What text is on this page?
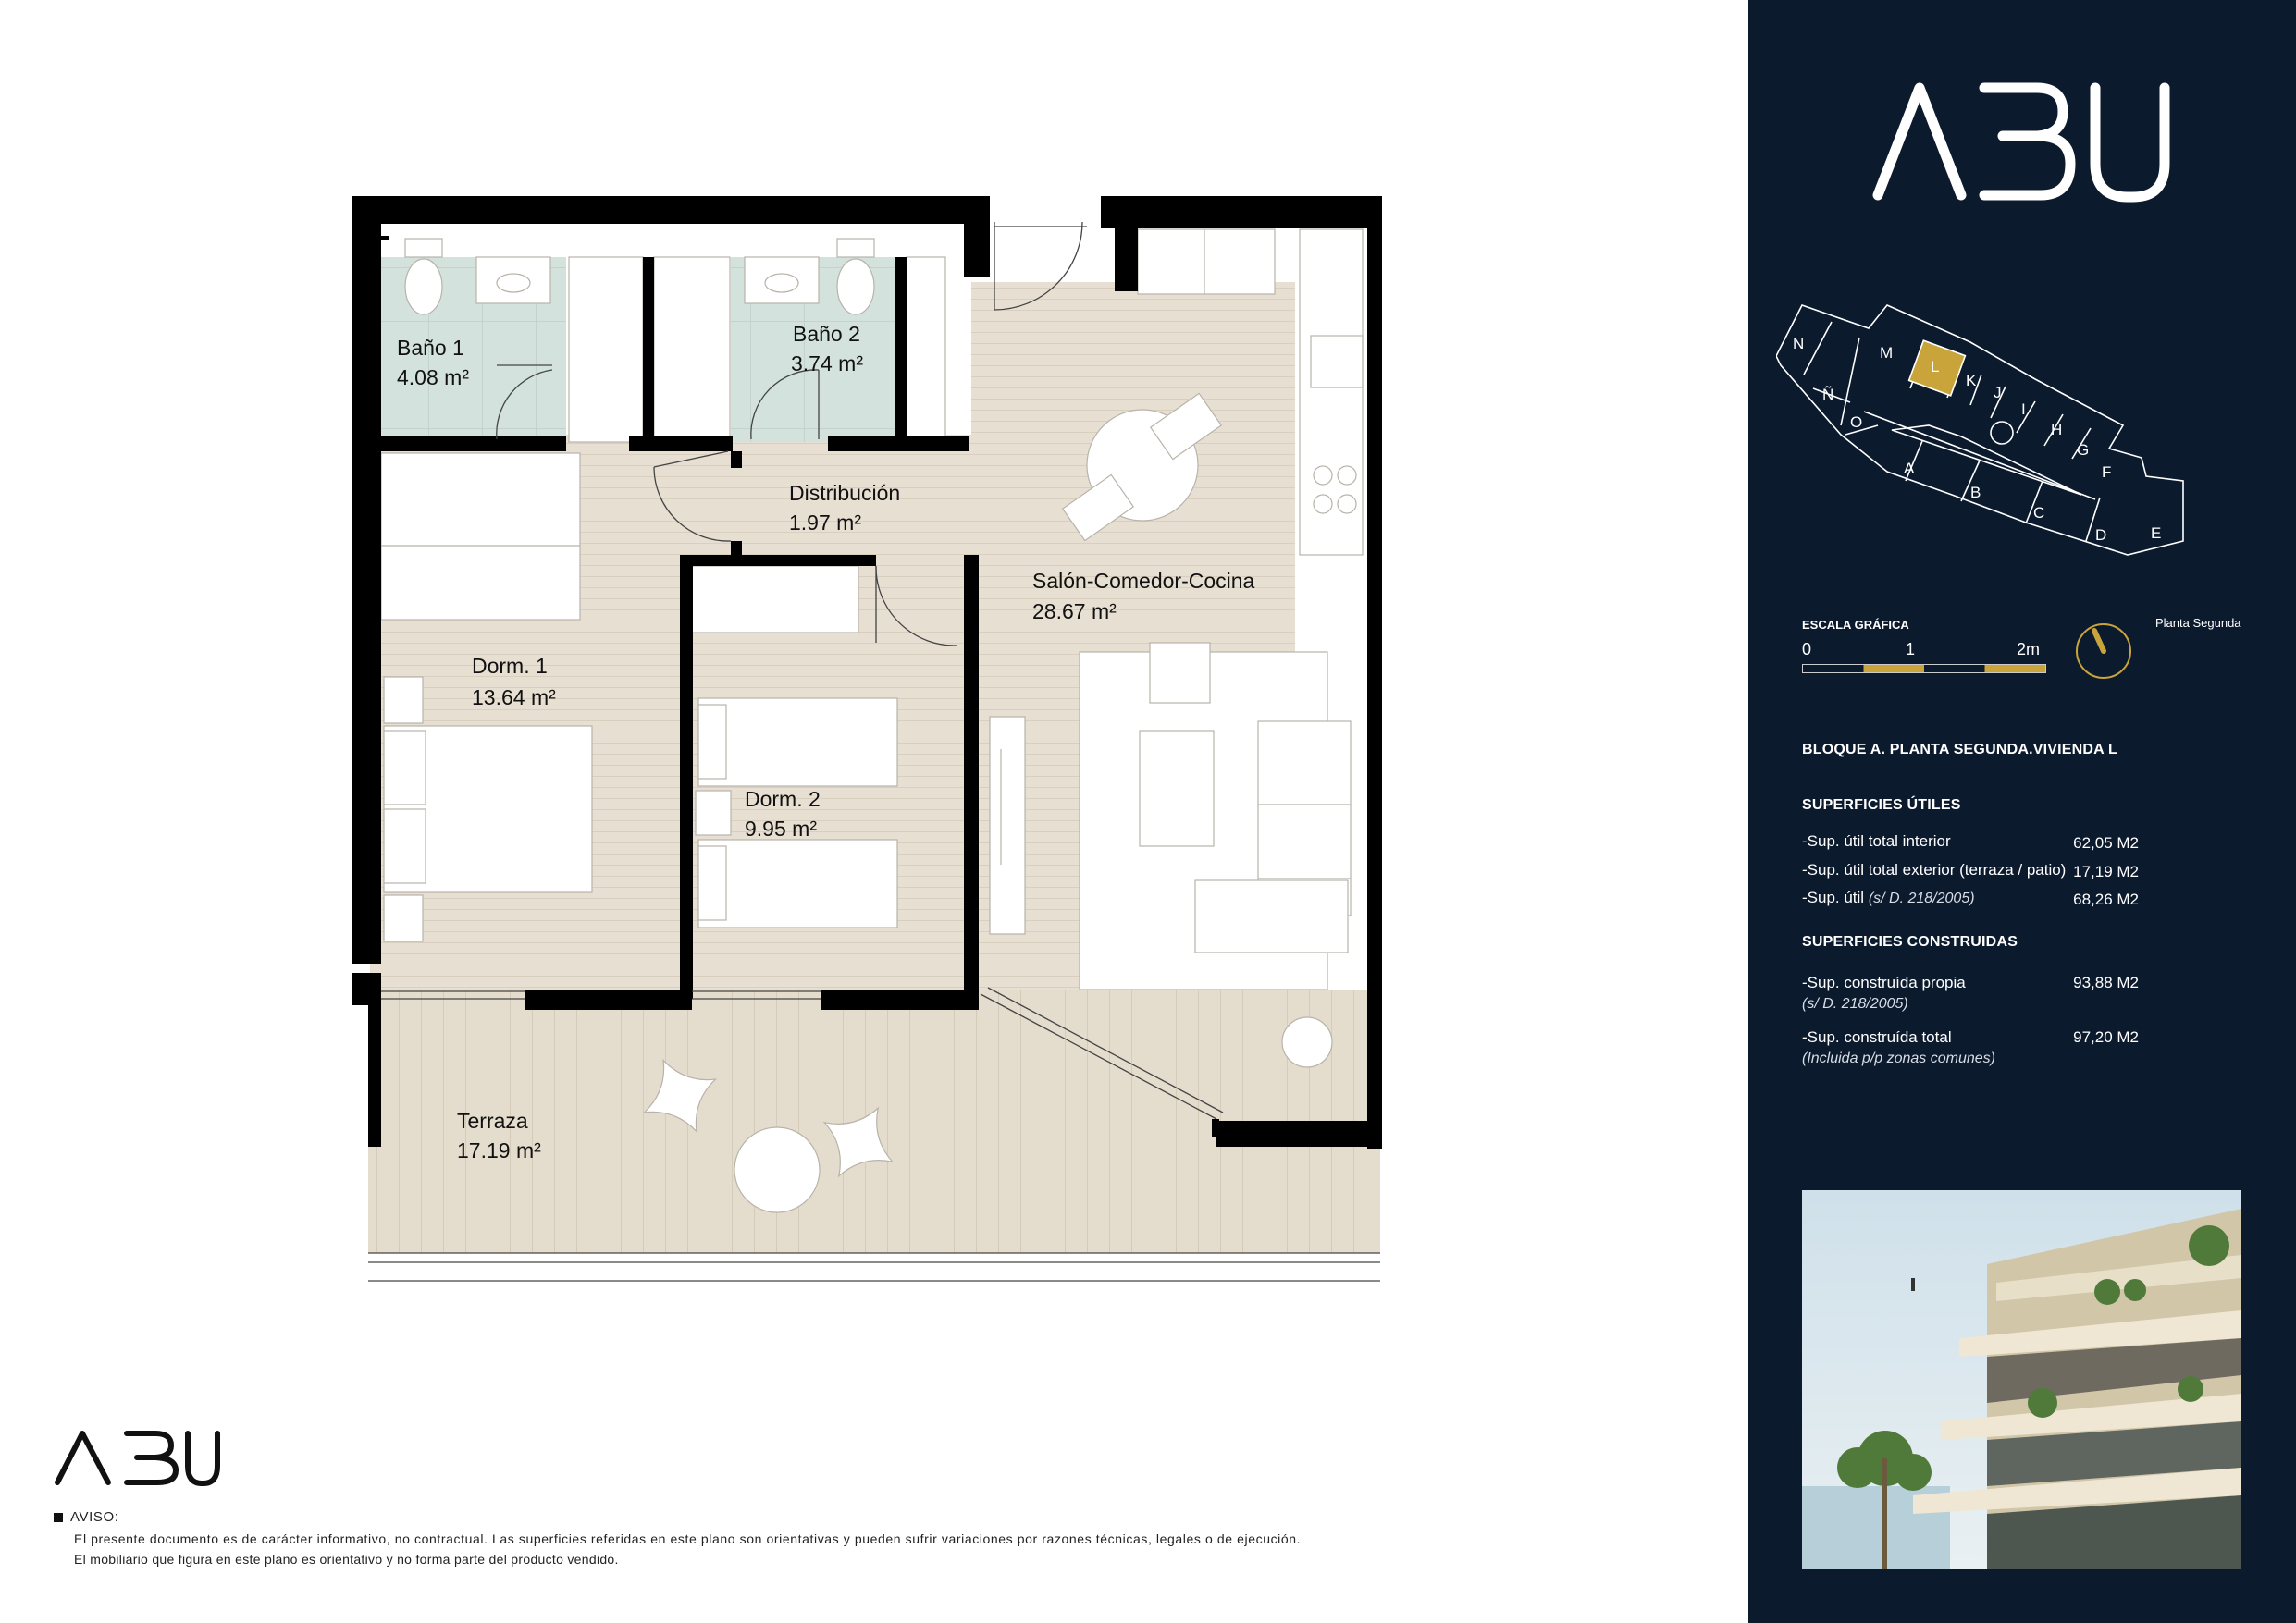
Baño 1
4.08 m²
Baño 2
3.74 m²
Distribución
1.97 m²
Salón-Comedor-Cocina
28.67 m²
Dorm. 1
13.64 m²
Dorm. 2
9.95 m²
Terraza
17.19 m²
ABU
AVISO:
El presente documento es de carácter informativo, no contractual. Las superficies referidas en este plano son orientativas y pueden sufrir variaciones por razones técnicas, legales o de ejecución.
El mobiliario que figura en este plano es orientativo y no forma parte del producto vendido.
N
M
L
K
J
I
H
G
F
Ñ
O
A
B
C
D	E
ESCALA GRÁFICA
0	1	2m
Planta Segunda
BLOQUE A. PLANTA SEGUNDA.VIVIENDA L
SUPERFICIES ÚTILES
-Sup. útil total interior	62,05 M2
-Sup. útil total exterior (terraza / patio) 17,19 M2
-Sup. útil (s/ D. 218/2005)	68,26 M2
SUPERFICIES CONSTRUIDAS
-Sup. construída propia
(s/ D. 218/2005)
93,88 M2
-Sup. construída total
(Incluida p/p zonas comunes)
97,20 M2
